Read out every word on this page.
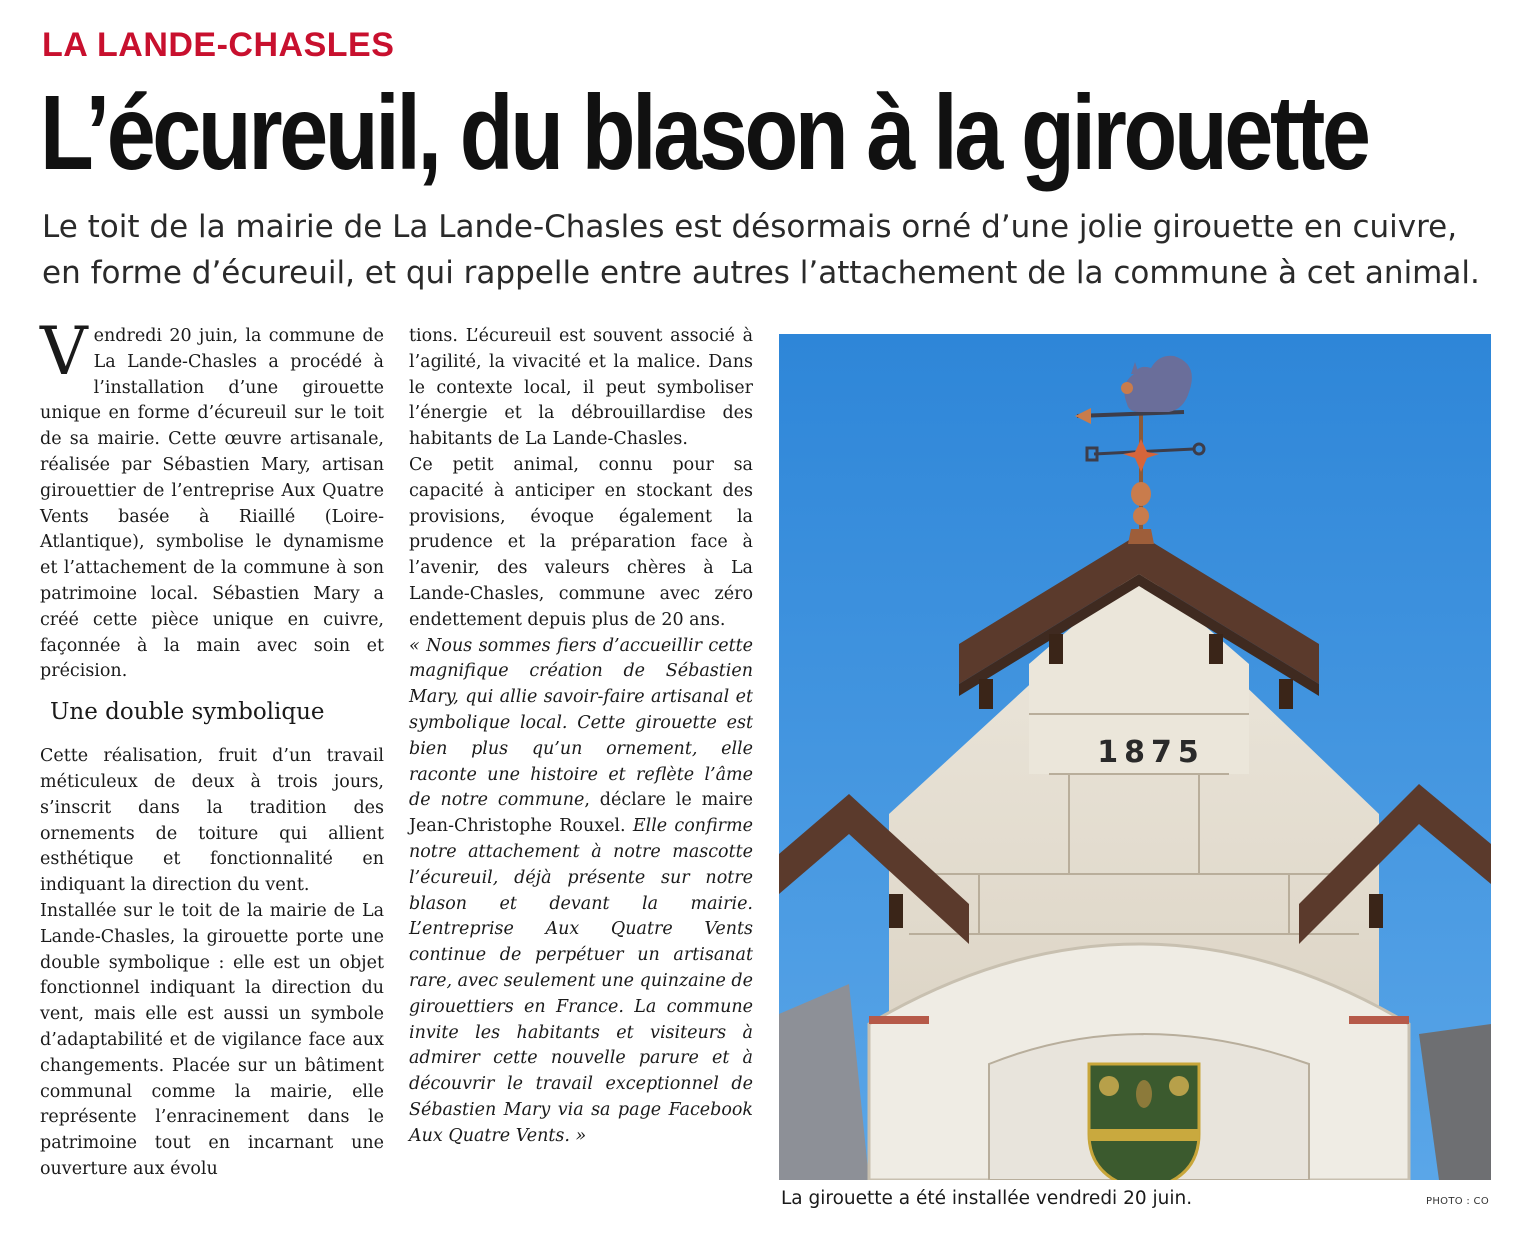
LA LANDE-CHASLES
L’écureuil, du blason à la girouette

Le toit de la mairie de La Lande-Chasles est désormais orné d’une jolie girouette en cuivre,

en forme d’écureuil, et qui rappelle entre autres l’attachement de la commune à cet animal.

Vendredi 20 juin, la commune de La Lande-Chasles a procédé à l’installation d’une girouette unique en forme d’écureuil sur le toit de sa mairie. Cette œuvre artisanale, réalisée par Sébastien Mary, artisan girouettier de l’entreprise Aux Quatre Vents basée à Riaillé (Loire-Atlantique), symbolise le dynamisme et l’attachement de la commune à son patrimoine local. Sébastien Mary a créé cette pièce unique en cuivre, façonnée à la main avec soin et précision.

Une double symbolique

Cette réalisation, fruit d’un travail méticuleux de deux à trois jours, s’inscrit dans la tradition des ornements de toiture qui allient esthétique et fonctionnalité en indiquant la direction du vent.

Installée sur le toit de la mairie de La Lande-Chasles, la girouette porte une double symbolique : elle est un objet fonctionnel indiquant la direction du vent, mais elle est aussi un symbole d’adaptabilité et de vigilance face aux changements. Placée sur un bâtiment communal comme la mairie, elle représente l’enracinement dans le patrimoine tout en incarnant une ouverture aux évolu

tions. L’écureuil est souvent associé à l’agilité, la vivacité et la malice. Dans le contexte local, il peut symboliser l’énergie et la débrouillardise des habitants de La Lande-Chasles.

Ce petit animal, connu pour sa capacité à anticiper en stockant des provisions, évoque également la prudence et la préparation face à l’avenir, des valeurs chères à La Lande-Chasles, commune avec zéro endettement depuis plus de 20 ans.

« Nous sommes fiers d’accueillir cette magnifique création de Sébastien Mary, qui allie savoir-faire artisanal et symbolique local. Cette girouette est bien plus qu’un ornement, elle raconte une histoire et reflète l’âme de notre commune, déclare le maire Jean-Christophe Rouxel. Elle confirme notre attachement à notre mascotte l’écureuil, déjà présente sur notre blason et devant la mairie. L’entreprise Aux Quatre Vents continue de perpétuer un artisanat rare, avec seulement une quinzaine de girouettiers en France. La commune invite les habitants et visiteurs à admirer cette nouvelle parure et à découvrir le travail exceptionnel de Sébastien Mary via sa page Facebook Aux Quatre Vents. »

1875
La girouette a été installée vendredi 20 juin.	PHOTO : CO
